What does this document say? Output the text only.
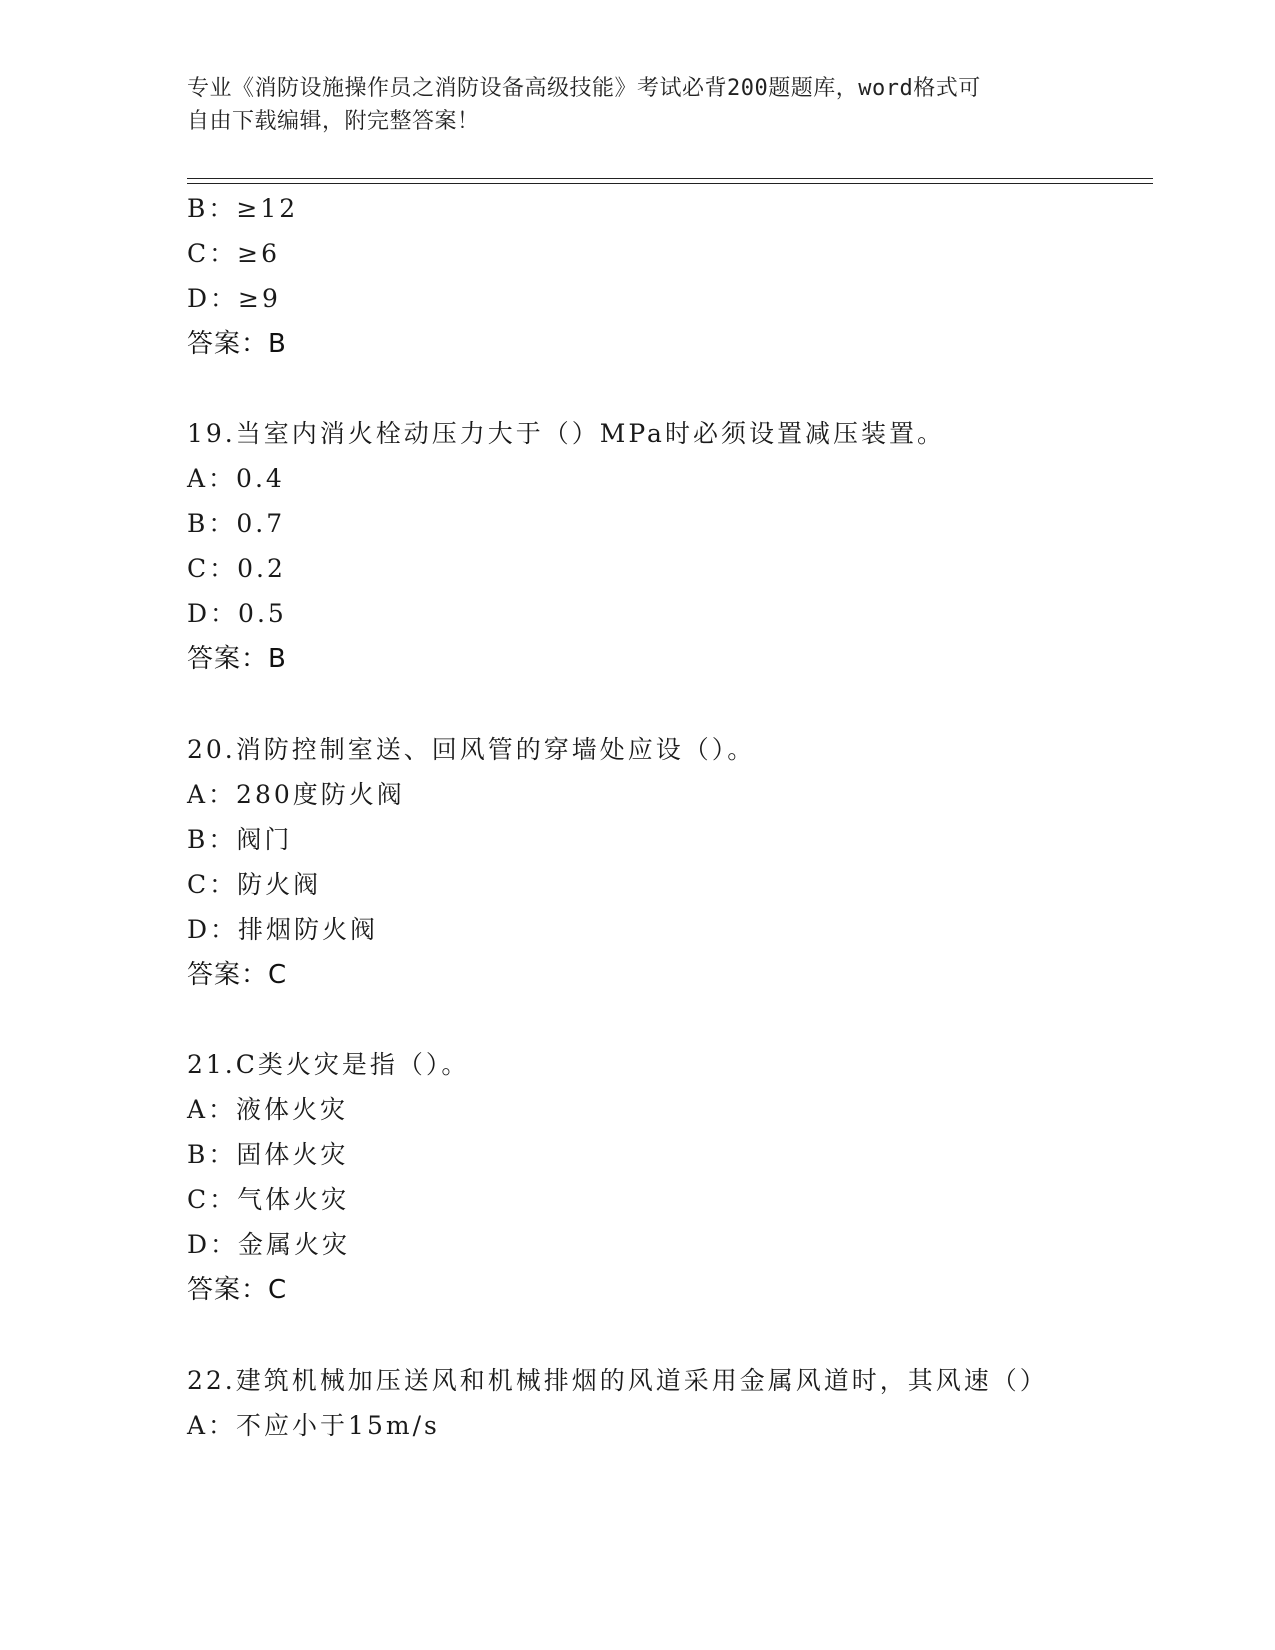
专业《消防设施操作员之消防设备高级技能》考试必背200题题库，word格式可
自由下载编辑，附完整答案！
B：≥12
C：≥6
D：≥9
答案：B
19.当室内消火栓动压力大于（）MPa时必须设置减压装置。
A：0.4
B：0.7
C：0.2
D：0.5
答案：B
20.消防控制室送、回风管的穿墙处应设（）。
A：280度防火阀
B：阀门
C：防火阀
D：排烟防火阀
答案：C
21.C类火灾是指（）。
A：液体火灾
B：固体火灾
C：气体火灾
D：金属火灾
答案：C
22.建筑机械加压送风和机械排烟的风道采用金属风道时，其风速（）
A：不应小于15m/s
